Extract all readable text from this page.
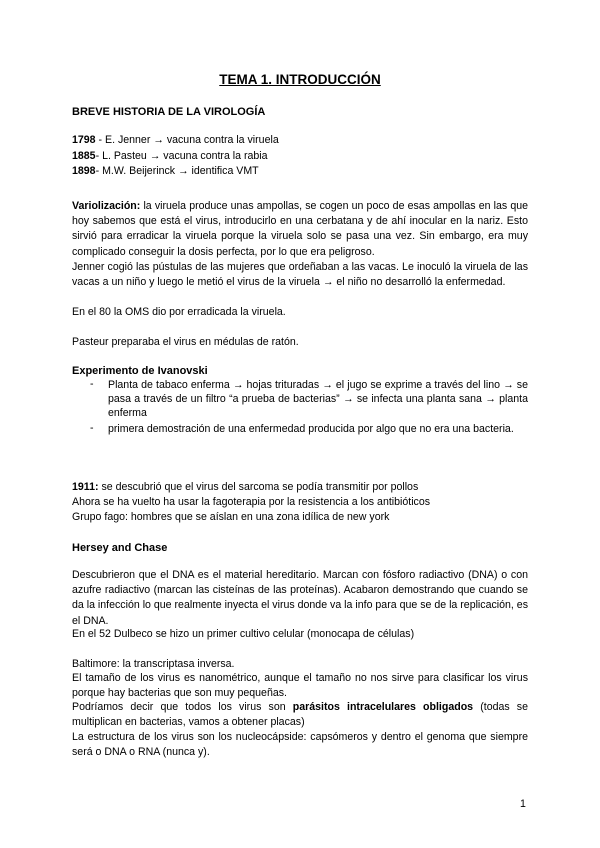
TEMA 1. INTRODUCCIÓN
BREVE HISTORIA DE LA VIROLOGÍA
1798 - E. Jenner → vacuna contra la viruela
1885- L. Pasteu → vacuna contra la rabia
1898- M.W. Beijerinck → identifica VMT
Variolización: la viruela produce unas ampollas, se cogen un poco de esas ampollas en las que hoy sabemos que está el virus, introducirlo en una cerbatana y de ahí inocular en la nariz. Esto sirvió para erradicar la viruela porque la viruela solo se pasa una vez. Sin embargo, era muy complicado conseguir la dosis perfecta, por lo que era peligroso.
Jenner cogió las pústulas de las mujeres que ordeñaban a las vacas. Le inoculó la viruela de las vacas a un niño y luego le metió el virus de la viruela → el niño no desarrolló la enfermedad.
En el 80 la OMS dio por erradicada la viruela.
Pasteur preparaba el virus en médulas de ratón.
Experimento de Ivanovski
- Planta de tabaco enferma → hojas trituradas → el jugo se exprime a través del lino → se pasa a través de un filtro “a prueba de bacterias” → se infecta una planta sana → planta enferma
- primera demostración de una enfermedad producida por algo que no era una bacteria.
1911: se descubrió que el virus del sarcoma se podía transmitir por pollos
Ahora se ha vuelto ha usar la fagoterapia por la resistencia a los antibióticos
Grupo fago: hombres que se aíslan en una zona idílica de new york
Hersey and Chase
Descubrieron que el DNA es el material hereditario. Marcan con fósforo radiactivo (DNA) o con azufre radiactivo (marcan las cisteínas de las proteínas). Acabaron demostrando que cuando se da la infección lo que realmente inyecta el virus donde va la info para que se de la replicación, es el DNA.
En el 52 Dulbeco se hizo un primer cultivo celular (monocapa de células)
Baltimore: la transcriptasa inversa.
El tamaño de los virus es nanométrico, aunque el tamaño no nos sirve para clasificar los virus porque hay bacterias que son muy pequeñas.
Podríamos decir que todos los virus son parásitos intracelulares obligados (todas se multiplican en bacterias, vamos a obtener placas)
La estructura de los virus son los nucleocápside: capsómeros y dentro el genoma que siempre será o DNA o RNA (nunca y).
1
